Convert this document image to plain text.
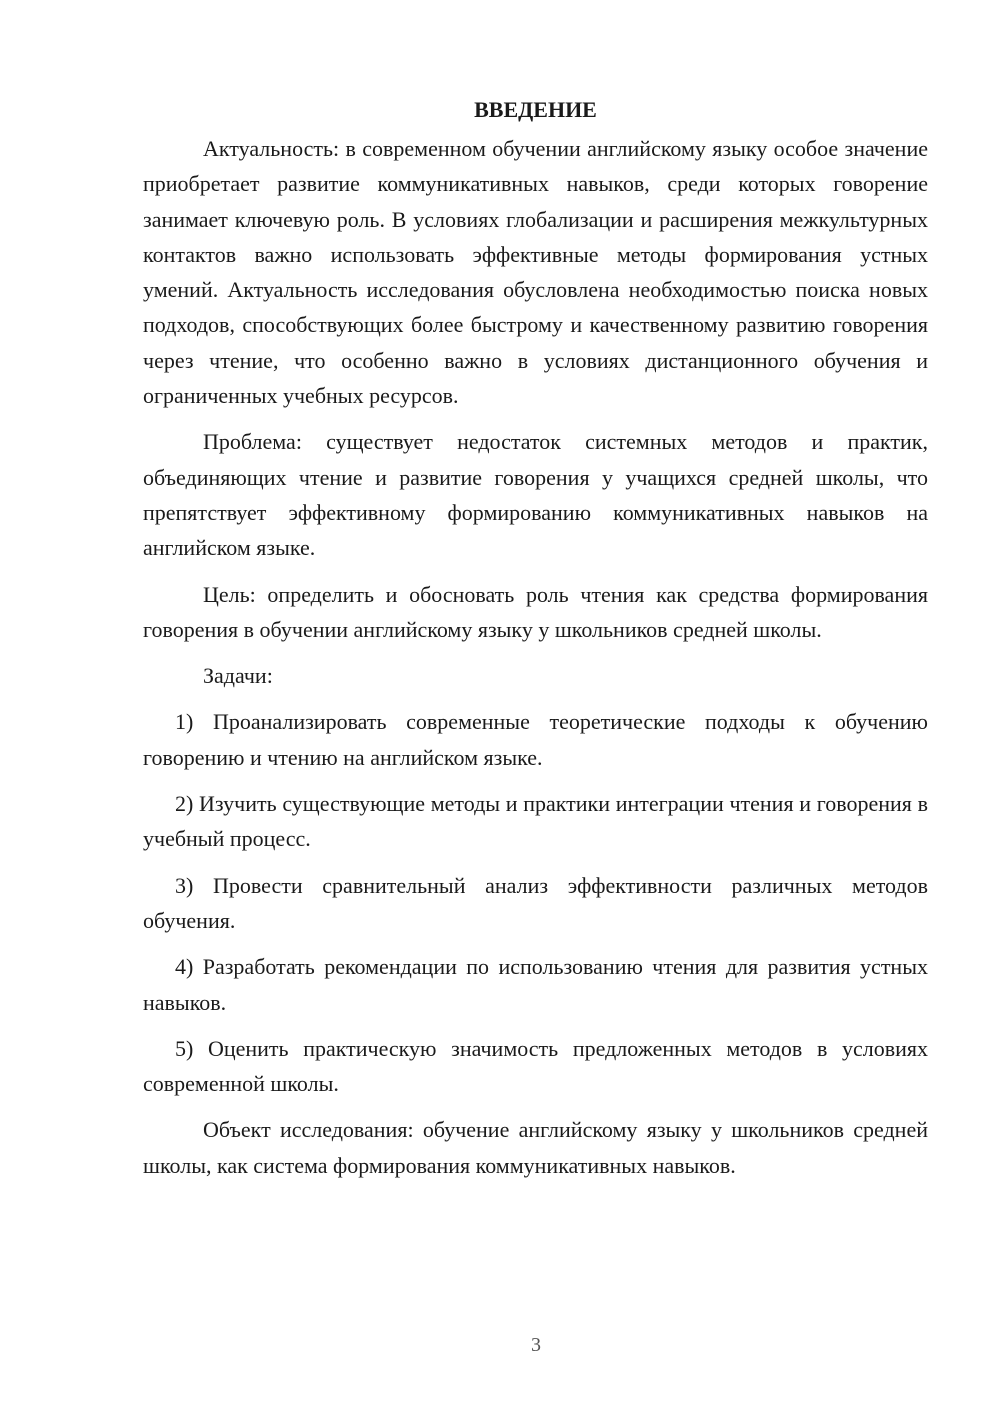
ВВЕДЕНИЕ

Актуальность: в современном обучении английскому языку особое значение приобретает развитие коммуникативных навыков, среди которых говорение занимает ключевую роль. В условиях глобализации и расширения межкультурных контактов важно использовать эффективные методы формирования устных умений. Актуальность исследования обусловлена необходимостью поиска новых подходов, способствующих более быстрому и качественному развитию говорения через чтение, что особенно важно в условиях дистанционного обучения и ограниченных учебных ресурсов.

Проблема: существует недостаток системных методов и практик, объединяющих чтение и развитие говорения у учащихся средней школы, что препятствует эффективному формированию коммуникативных навыков на английском языке.

Цель: определить и обосновать роль чтения как средства формирования говорения в обучении английскому языку у школьников средней школы.

Задачи:

1) Проанализировать современные теоретические подходы к обучению говорению и чтению на английском языке.

2) Изучить существующие методы и практики интеграции чтения и говорения в учебный процесс.

3) Провести сравнительный анализ эффективности различных методов обучения.

4) Разработать рекомендации по использованию чтения для развития устных навыков.

5) Оценить практическую значимость предложенных методов в условиях современной школы.

Объект исследования: обучение английскому языку у школьников средней школы, как система формирования коммуникативных навыков.

3
